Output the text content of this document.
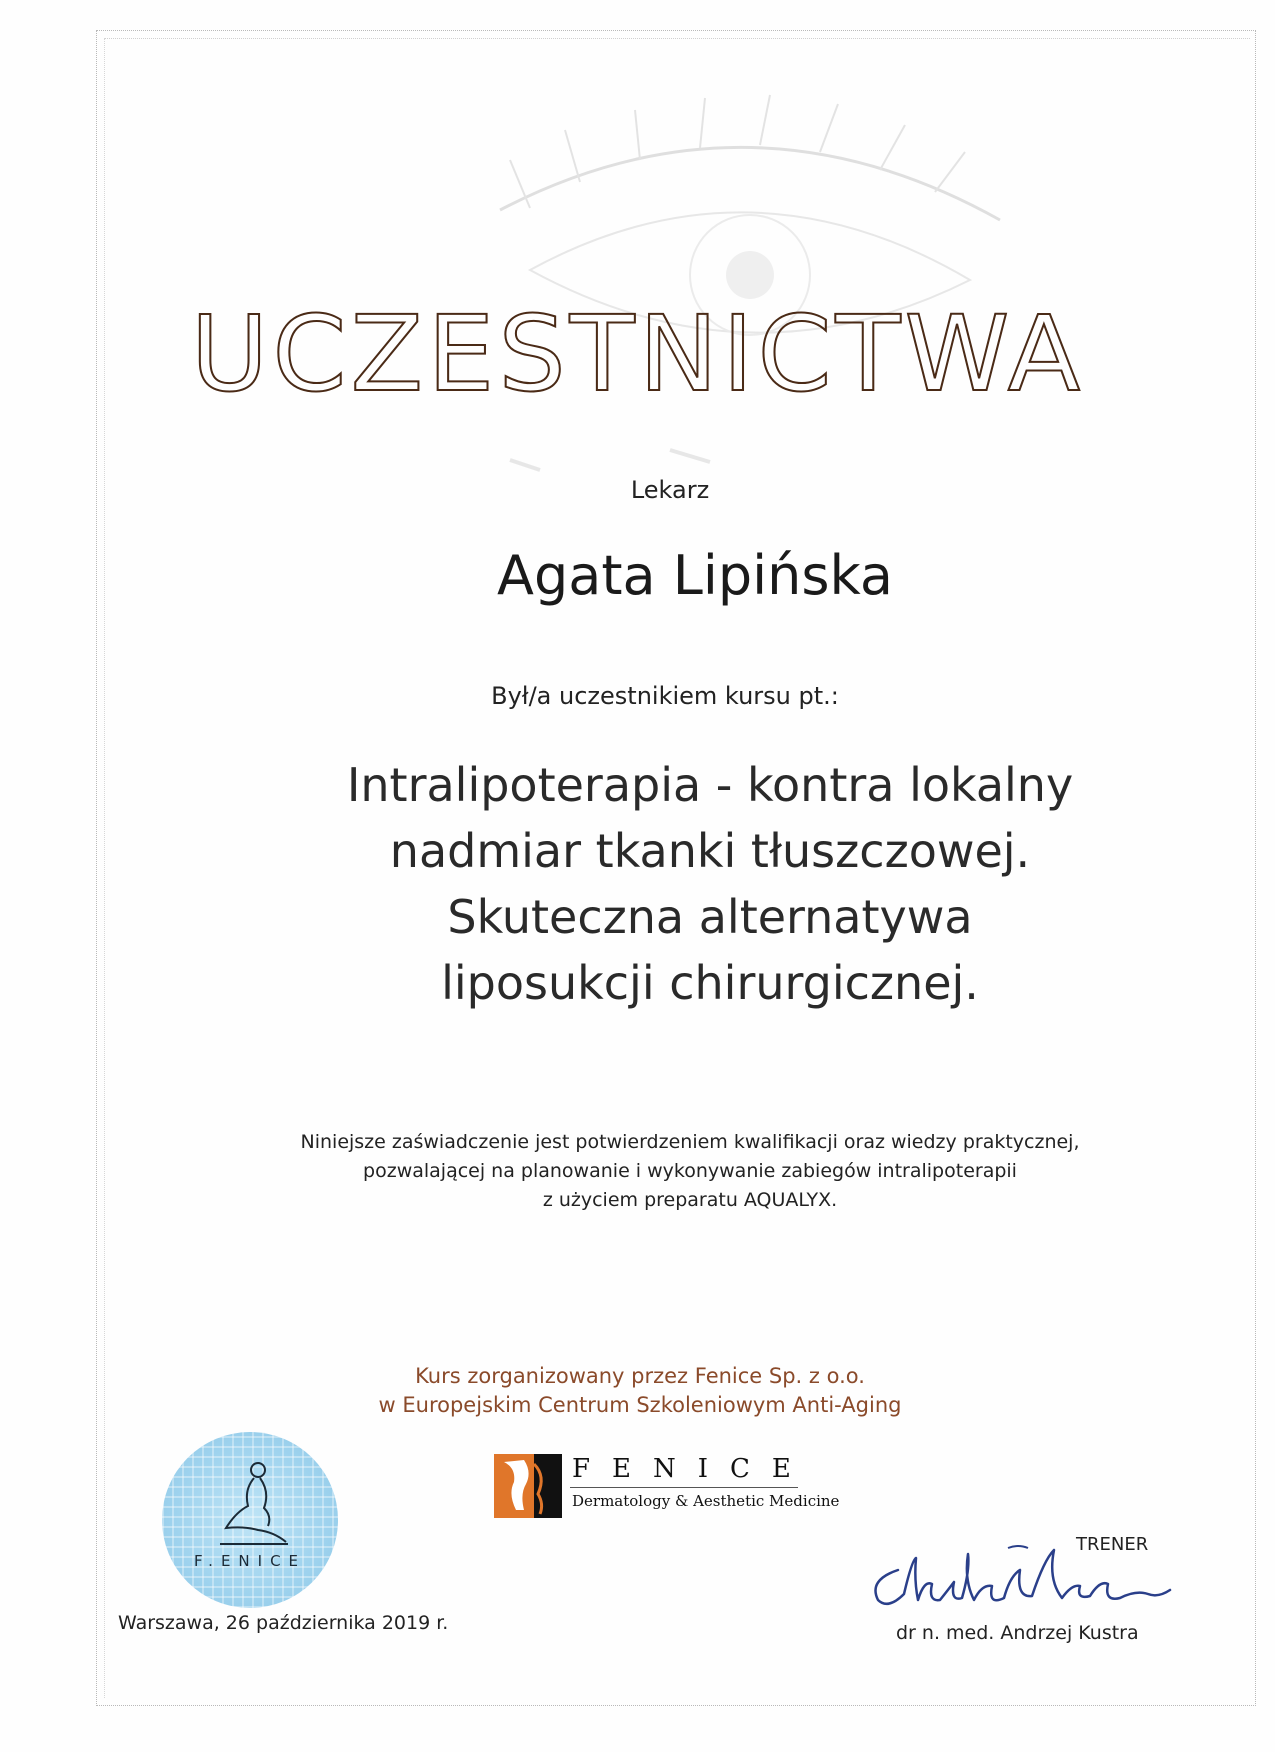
UCZESTNICTWA
Lekarz
Agata Lipińska
Był/a uczestnikiem kursu pt.:
Intralipoterapia - kontra lokalny
nadmiar tkanki tłuszczowej.
Skuteczna alternatywa
liposukcji chirurgicznej.
Niniejsze zaświadczenie jest potwierdzeniem kwalifikacji oraz wiedzy praktycznej,
pozwalającej na planowanie i wykonywanie zabiegów intralipoterapii
z użyciem preparatu AQUALYX.
Kurs zorganizowany przez Fenice Sp. z o.o.
w Europejskim Centrum Szkoleniowym Anti-Aging
F.ENICE
FENICE
Dermatology & Aesthetic Medicine
TRENER
dr n. med. Andrzej Kustra
Warszawa, 26 października 2019 r.
